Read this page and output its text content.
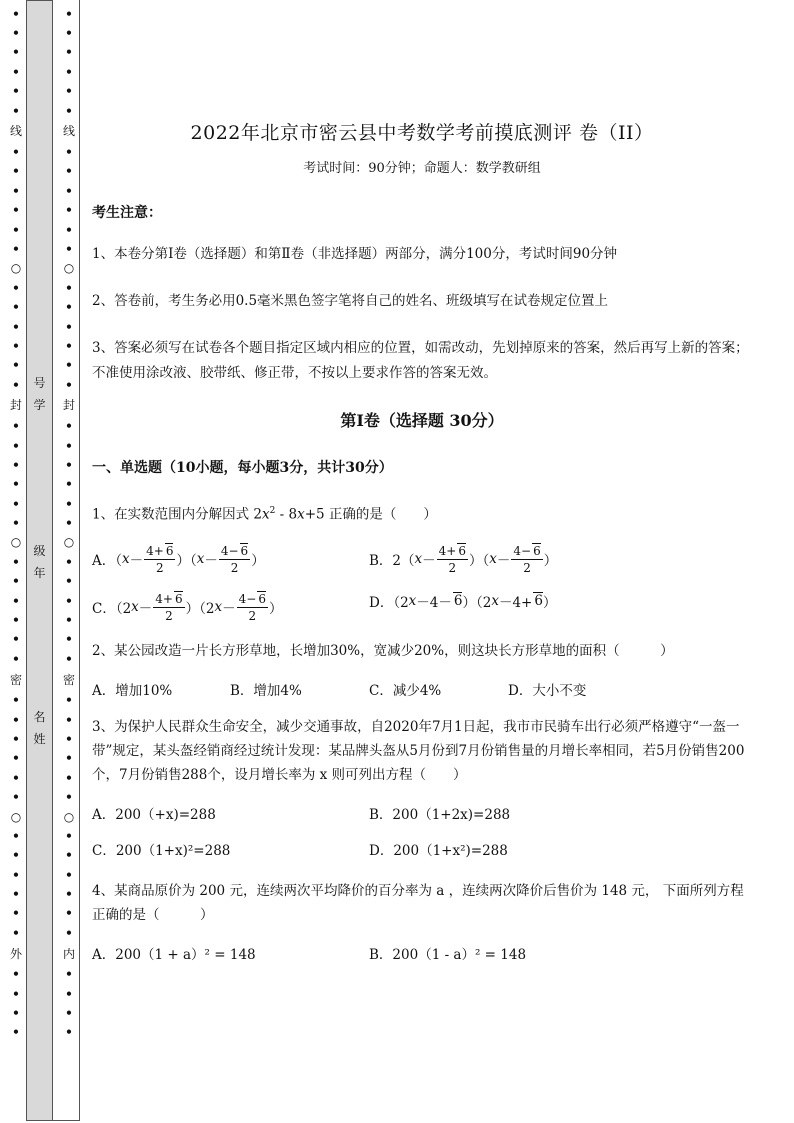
号
学
级
年
名
姓
•
•
•
•
•
•
线
•
•
•
•
•
•
○
•
•
•
•
•
•
封
•
•
•
•
•
•
○
•
•
•
•
•
•
密
•
•
•
•
•
•
○
•
•
•
•
•
•
外
•
•
•
•
•
•
•
•
•
•
线
•
•
•
•
•
•
○
•
•
•
•
•
•
封
•
•
•
•
•
•
○
•
•
•
•
•
•
密
•
•
•
•
•
•
○
•
•
•
•
•
•
内
•
•
•
•
2022年北京市密云县中考数学考前摸底测评 卷（II）
考试时间：90分钟；命题人：数学教研组
考生注意：
1、本卷分第I卷（选择题）和第Ⅱ卷（非选择题）两部分，满分100分，考试时间90分钟
2、答卷前，考生务必用0.5毫米黑色签字笔将自己的姓名、班级填写在试卷规定位置上
3、答案必须写在试卷各个题目指定区域内相应的位置，如需改动，先划掉原来的答案，然后再写上新的答案；不准使用涂改液、胶带纸、修正带，不按以上要求作答的答案无效。
第I卷（选择题 30分）
一、单选题（10小题，每小题3分，共计30分）
1、在实数范围内分解因式 $2x^2 - 8x+5$ 正确的是（　　）
A．（ $x - \frac{4+ 6}{2}$ ）（ $x - \frac{4- 6}{2}$ ）	B．2（ $x - \frac{4+ 6}{2}$ ）（ $x - \frac{4- 6}{2}$ ）
C．（2 $x - \frac{4+ 6}{2} )(2$ $x - \frac{4- 6}{2}$ ）	D．（2 x －4－ 6 ）（2 x －4+ 6 ）
2、某公园改造一片长方形草地，长增加30%，宽减少20%，则这块长方形草地的面积（　　　）
A．增加10%	B．增加4%	C．减少4%	D．大小不变
3、为保护人民群众生命安全，减少交通事故，自2020年7月1日起，我市市民骑车出行必须严格遵守“一盔一带”规定，某头盔经销商经过统计发现：某品牌头盔从5月份到7月份销售量的月增长率相同，若5月份销售200个，7月份销售288个，设月增长率为 x 则可列出方程（　　）
A．200（+x)=288	B．200（1+2x)=288
C．200（1+x)²=288	D．200（1+x²)=288
4、某商品原价为 200 元，连续两次平均降价的百分率为 a ，连续两次降价后售价为 148 元， 下面所列方程正确的是（　　　）
A．200（1 + a）² = 148	B．200（1 - a）² = 148
